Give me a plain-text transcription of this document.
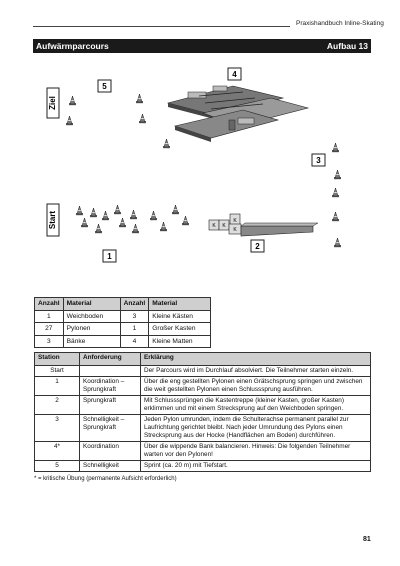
Praxishandbuch Inline-Skating
Aufwärmparcours	Aufbau 13
Ziel
Start
1
2
3
4
5
K
K K
K
Anzahl	Material	Anzahl	Material
1	Weichboden	3	Kleine Kästen
27	Pylonen	1	Großer Kasten
3	Bänke	4	Kleine Matten
Station	Anforderung	Erklärung
Start		Der Parcours wird im Durchlauf absolviert. Die Teilnehmer starten einzeln.
1	Koordination – Sprungkraft	Über die eng gestellten Pylonen einen Grätschsprung springen und zwischen die weit gestellten Pylonen einen Schlusssprung ausführen.
2	Sprungkraft	Mit Schlusssprüngen die Kastentreppe (kleiner Kasten, großer Kasten) erklimmen und mit einem Strecksprung auf den Weichboden springen.
3	Schnelligkeit – Sprungkraft	Jeden Pylon umrunden, indem die Schulterachse permanent parallel zur Laufrichtung gerichtet bleibt. Nach jeder Umrundung des Pylons einen Strecksprung aus der Hocke (Handflächen am Boden) durchführen.
4*	Koordination	Über die wippende Bank balancieren. Hinweis: Die folgenden Teilnehmer warten vor den Pylonen!
5	Schnelligkeit	Sprint (ca. 20 m) mit Tiefstart.
* = kritische Übung (permanente Aufsicht erforderlich)
81
